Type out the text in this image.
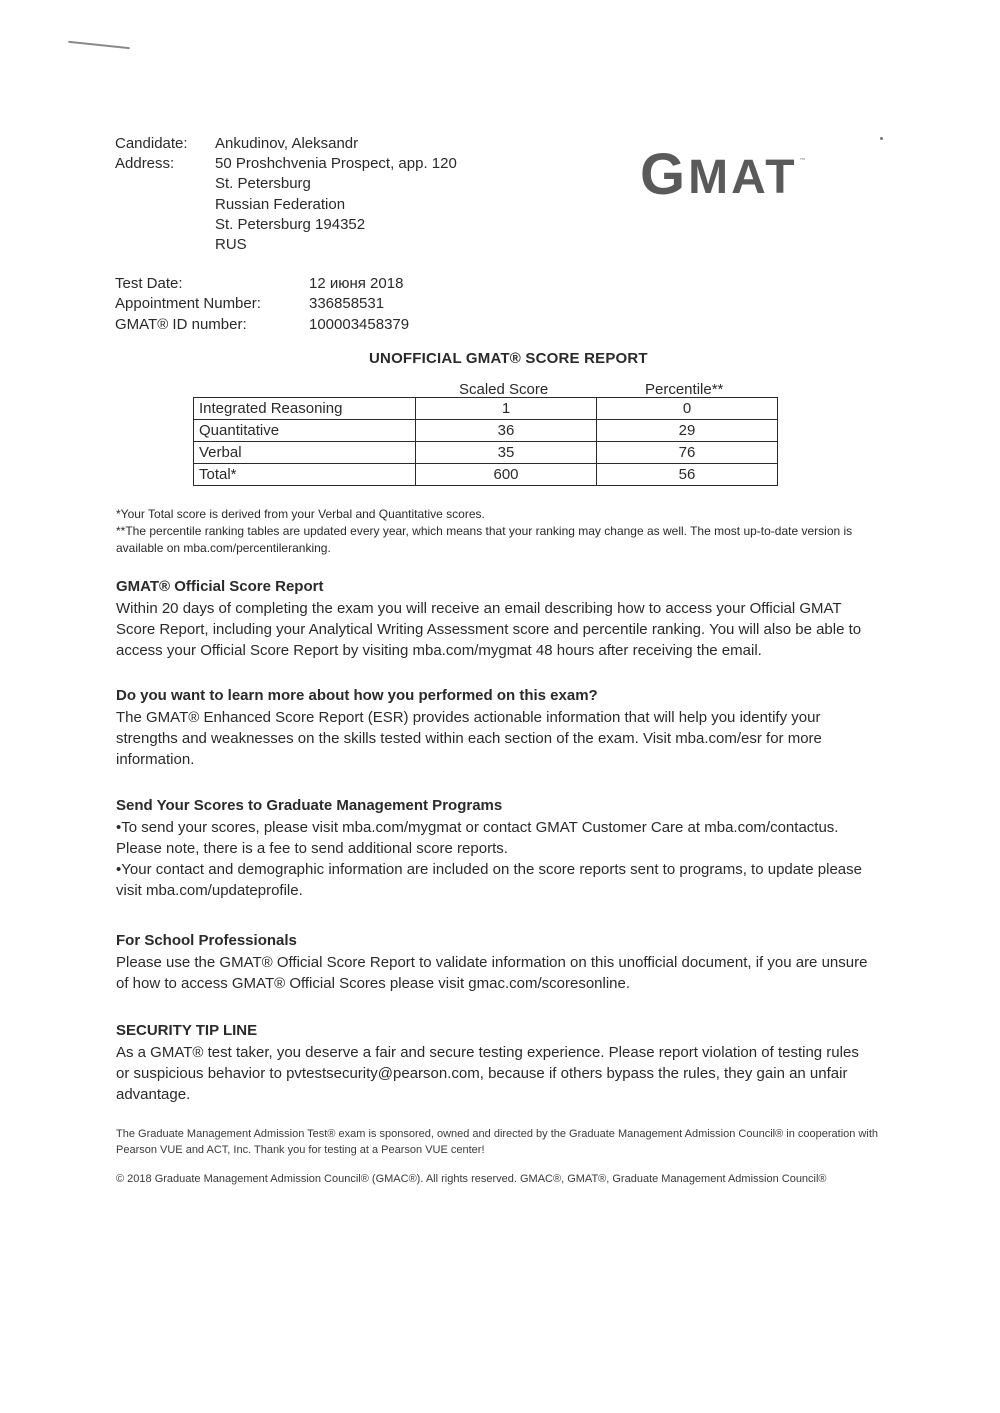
Candidate:	Ankudinov, Aleksandr
Address:	50 Proshchvenia Prospect, app. 120
St. Petersburg
Russian Federation
St. Petersburg 194352
RUS
G MAT ™
Test Date:	12 июня 2018
Appointment Number:	336858531
GMAT® ID number:	100003458379
UNOFFICIAL GMAT® SCORE REPORT
Scaled Score	Percentile**
Integrated Reasoning	1	0
Quantitative	36	29
Verbal	35	76
Total*	600	56
*Your Total score is derived from your Verbal and Quantitative scores.
**The percentile ranking tables are updated every year, which means that your ranking may change as well. The most up-to-date version is available on mba.com/percentileranking.
GMAT® Official Score Report

Within 20 days of completing the exam you will receive an email describing how to access your Official GMAT Score Report, including your Analytical Writing Assessment score and percentile ranking. You will also be able to access your Official Score Report by visiting mba.com/mygmat 48 hours after receiving the email.

Do you want to learn more about how you performed on this exam?

The GMAT® Enhanced Score Report (ESR) provides actionable information that will help you identify your strengths and weaknesses on the skills tested within each section of the exam. Visit mba.com/esr for more information.

Send Your Scores to Graduate Management Programs

•To send your scores, please visit mba.com/mygmat or contact GMAT Customer Care at mba.com/contactus. Please note, there is a fee to send additional score reports.

•Your contact and demographic information are included on the score reports sent to programs, to update please visit mba.com/updateprofile.

For School Professionals

Please use the GMAT® Official Score Report to validate information on this unofficial document, if you are unsure of how to access GMAT® Official Scores please visit gmac.com/scoresonline.

SECURITY TIP LINE

As a GMAT® test taker, you deserve a fair and secure testing experience. Please report violation of testing rules or suspicious behavior to pvtestsecurity@pearson.com, because if others bypass the rules, they gain an unfair advantage.

The Graduate Management Admission Test® exam is sponsored, owned and directed by the Graduate Management Admission Council® in cooperation with Pearson VUE and ACT, Inc. Thank you for testing at a Pearson VUE center!
© 2018 Graduate Management Admission Council® (GMAC®). All rights reserved. GMAC®, GMAT®, Graduate Management Admission Council®
